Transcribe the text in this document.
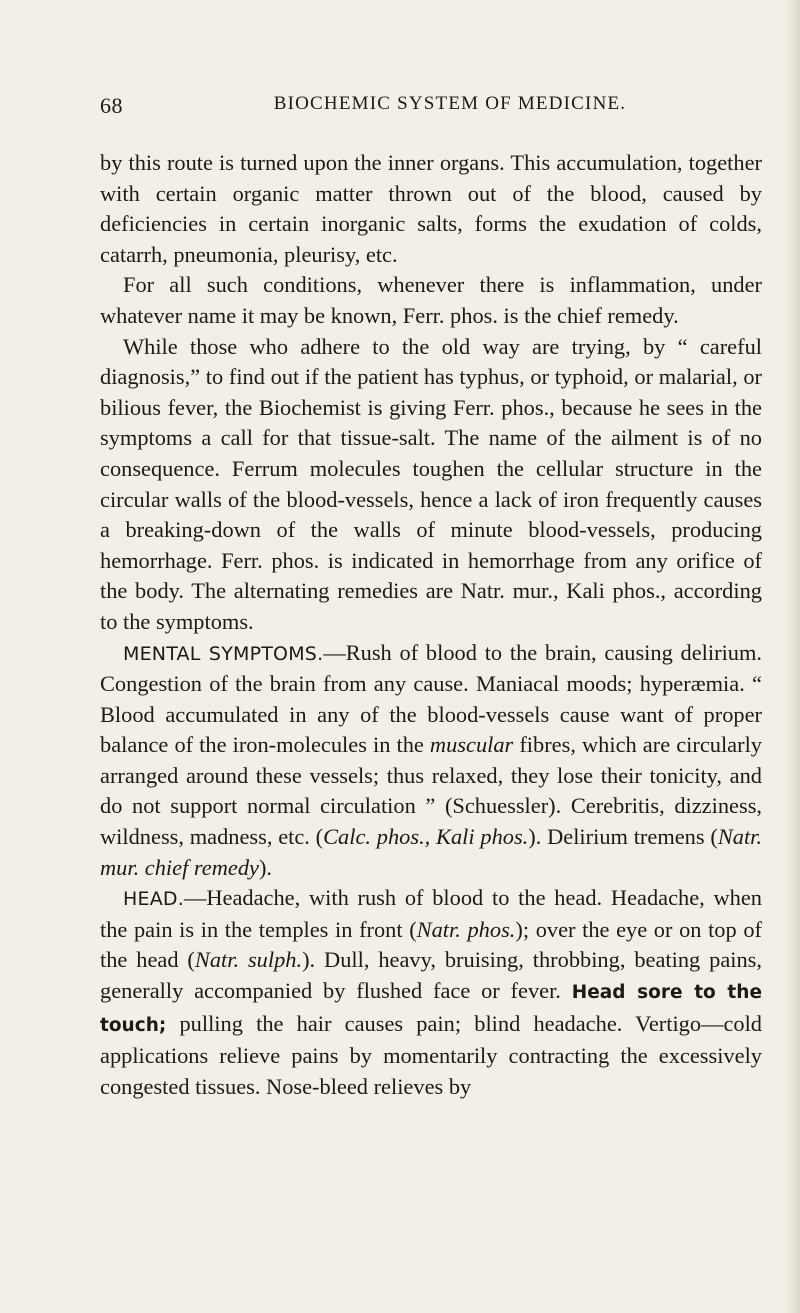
68	BIOCHEMIC SYSTEM OF MEDICINE.

by this route is turned upon the inner organs. This accumulation, together with certain organic matter thrown out of the blood, caused by deficiencies in certain inorganic salts, forms the exudation of colds, catarrh, pneumonia, pleurisy, etc.

For all such conditions, whenever there is inflammation, under whatever name it may be known, Ferr. phos. is the chief remedy.

While those who adhere to the old way are trying, by “ careful diagnosis,” to find out if the patient has typhus, or typhoid, or malarial, or bilious fever, the Biochemist is giving Ferr. phos., because he sees in the symptoms a call for that tissue-salt. The name of the ailment is of no consequence. Ferrum molecules toughen the cellular structure in the circular walls of the blood-vessels, hence a lack of iron frequently causes a breaking-down of the walls of minute blood-vessels, producing hemorrhage. Ferr. phos. is indicated in hemorrhage from any orifice of the body. The alternating remedies are Natr. mur., Kali phos., according to the symptoms.

MENTAL SYMPTOMS.—Rush of blood to the brain, causing delirium. Congestion of the brain from any cause. Maniacal moods; hyperæmia. “ Blood accumulated in any of the blood-vessels cause want of proper balance of the iron-molecules in the muscular fibres, which are circularly arranged around these vessels; thus relaxed, they lose their tonicity, and do not support normal circulation ” (Schuessler). Cerebritis, dizziness, wildness, madness, etc. (Calc. phos., Kali phos.). Delirium tremens (Natr. mur. chief remedy).

HEAD.—Headache, with rush of blood to the head. Headache, when the pain is in the temples in front (Natr. phos.); over the eye or on top of the head (Natr. sulph.). Dull, heavy, bruising, throbbing, beating pains, generally accompanied by flushed face or fever. Head sore to the touch; pulling the hair causes pain; blind headache. Vertigo—cold applications relieve pains by momentarily contracting the excessively congested tissues. Nose-bleed relieves by
